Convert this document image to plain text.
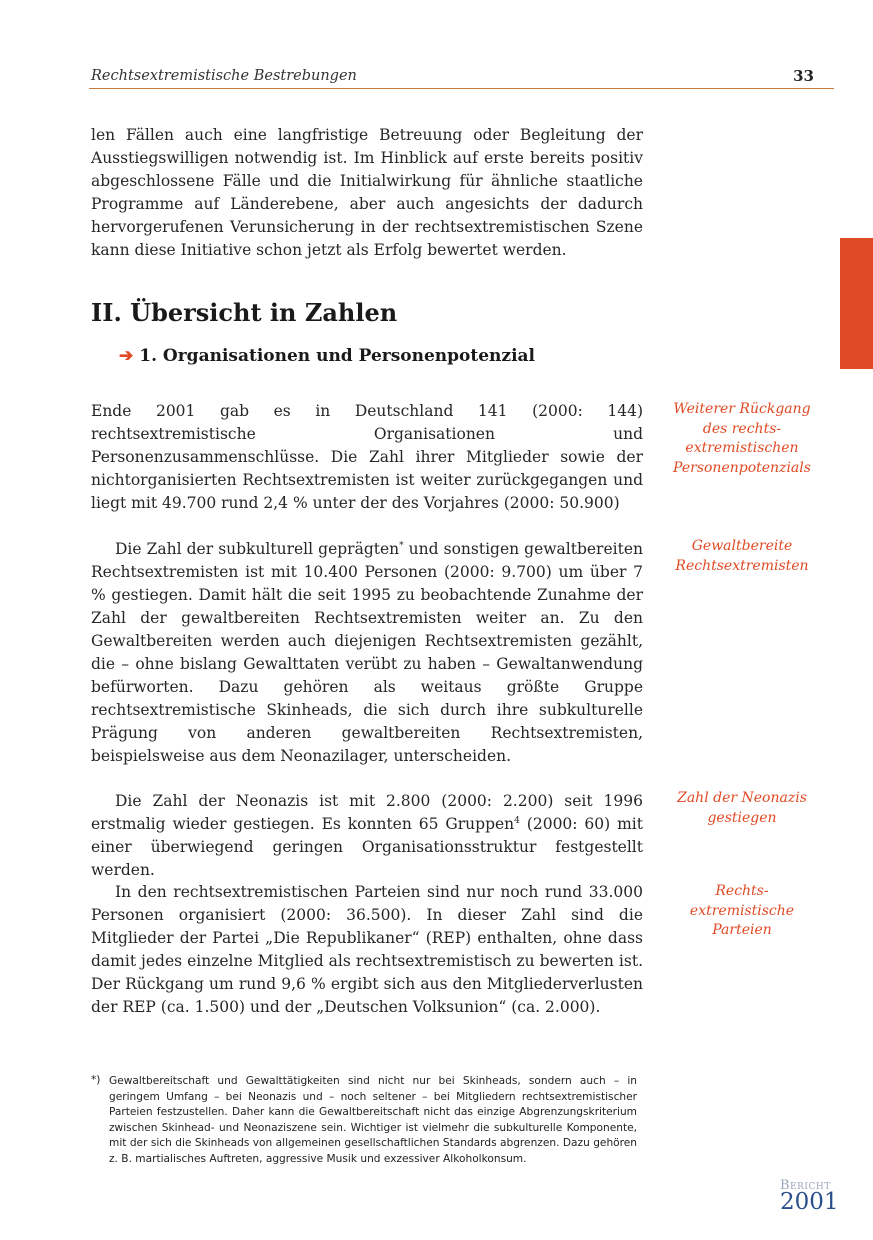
Rechtsextremistische Bestrebungen	33

len Fällen auch eine langfristige Betreuung oder Begleitung der Ausstiegswilligen notwendig ist. Im Hinblick auf erste bereits positiv abgeschlossene Fälle und die Initialwirkung für ähnliche staatliche Programme auf Länderebene, aber auch angesichts der dadurch hervorgerufenen Verunsicherung in der rechtsextremistischen Szene kann diese Initiative schon jetzt als Erfolg bewertet werden.

II. Übersicht in Zahlen
➔ 1. Organisationen und Personenpotenzial

Ende 2001 gab es in Deutschland 141 (2000: 144) rechtsextremistische Organisationen und Personenzusammenschlüsse. Die Zahl ihrer Mitglieder sowie der nichtorganisierten Rechtsextremisten ist weiter zurückgegangen und liegt mit 49.700 rund 2,4 % unter der des Vorjahres (2000: 50.900)

Die Zahl der subkulturell geprägten* und sonstigen gewaltbereiten Rechtsextremisten ist mit 10.400 Personen (2000: 9.700) um über 7 % gestiegen. Damit hält die seit 1995 zu beobachtende Zunahme der Zahl der gewaltbereiten Rechtsextremisten weiter an. Zu den Gewaltbereiten werden auch diejenigen Rechtsextremisten gezählt, die – ohne bislang Gewalttaten verübt zu haben – Gewaltanwendung befürworten. Dazu gehören als weitaus größte Gruppe rechtsextremistische Skinheads, die sich durch ihre subkulturelle Prägung von anderen gewaltbereiten Rechtsextremisten, beispielsweise aus dem Neonazilager, unterscheiden.

Die Zahl der Neonazis ist mit 2.800 (2000: 2.200) seit 1996 erstmalig wieder gestiegen. Es konnten 65 Gruppen$^4$ (2000: 60) mit einer überwiegend geringen Organisationsstruktur festgestellt werden.

In den rechtsextremistischen Parteien sind nur noch rund 33.000 Personen organisiert (2000: 36.500). In dieser Zahl sind die Mitglieder der Partei „Die Republikaner“ (REP) enthalten, ohne dass damit jedes einzelne Mitglied als rechtsextremistisch zu bewerten ist. Der Rückgang um rund 9,6 % ergibt sich aus den Mitgliederverlusten der REP (ca. 1.500) und der „Deutschen Volksunion“ (ca. 2.000).

Weiterer Rückgang
des rechts-
extremistischen
Personenpotenzials
Gewaltbereite
Rechtsextremisten
Zahl der Neonazis
gestiegen
Rechts-
extremistische
Parteien
*) Gewaltbereitschaft und Gewalttätigkeiten sind nicht nur bei Skinheads, sondern auch – in geringem Umfang – bei Neonazis und – noch seltener – bei Mitgliedern rechtsextremistischer Parteien festzustellen. Daher kann die Gewaltbereitschaft nicht das einzige Abgrenzungskriterium zwischen Skinhead- und Neonaziszene sein. Wichtiger ist vielmehr die subkulturelle Komponente, mit der sich die Skinheads von allgemeinen gesellschaftlichen Standards abgrenzen. Dazu gehören z. B. martialisches Auftreten, aggressive Musik und exzessiver Alkoholkonsum.

Bericht
2001
